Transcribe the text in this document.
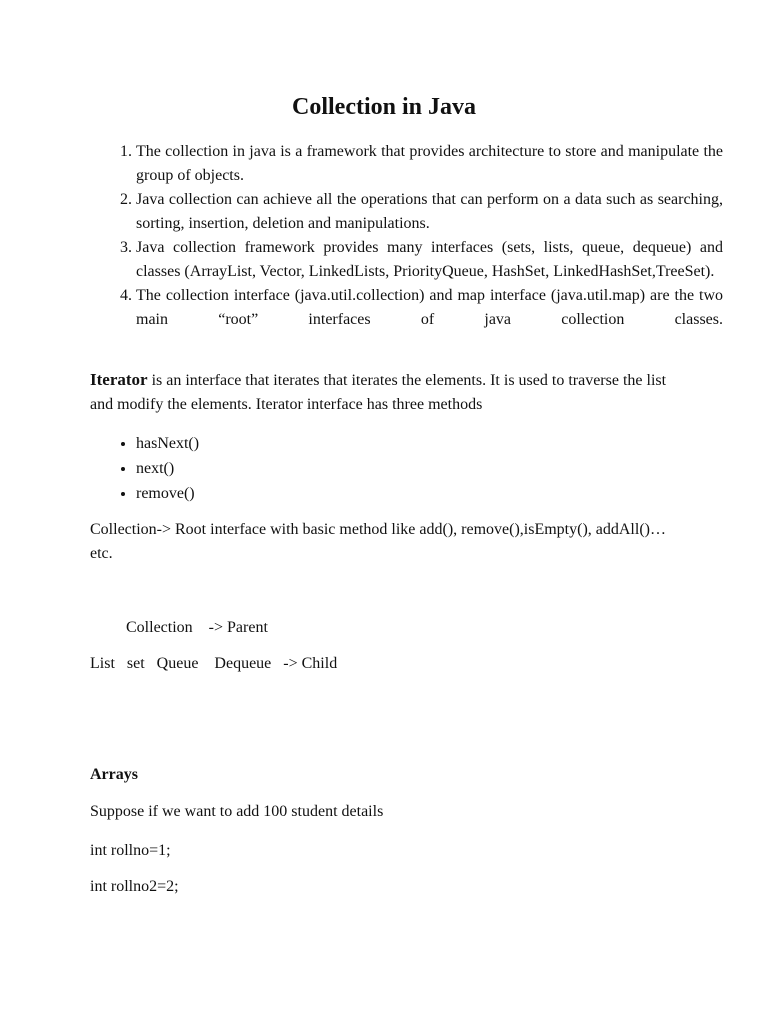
Collection in Java
1. The collection in java is a framework that provides architecture to store and manipulate the group of objects.
2. Java collection can achieve all the operations that can perform on a data such as searching, sorting, insertion, deletion and manipulations.
3. Java collection framework provides many interfaces (sets, lists, queue, dequeue) and classes (ArrayList, Vector, LinkedLists, PriorityQueue, HashSet, LinkedHashSet,TreeSet).
4. The collection interface (java.util.collection) and map interface (java.util.map) are the two main “root” interfaces of java collection classes.

Iterator is an interface that iterates that iterates the elements. It is used to traverse the list and modify the elements. Iterator interface has three methods

• hasNext()
• next()
• remove()

Collection-> Root interface with basic method like add(), remove(),isEmpty(), addAll()… etc.

Collection    -> Parent

List   set   Queue    Dequeue   -> Child

Arrays

Suppose if we want to add 100 student details

int rollno=1;

int rollno2=2;
